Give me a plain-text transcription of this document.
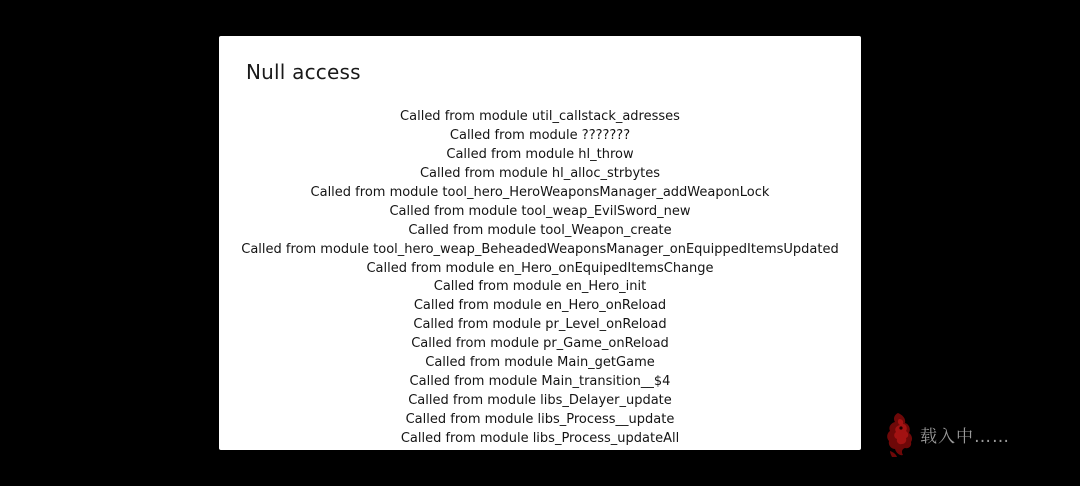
Null access
Called from module util_callstack_adresses
Called from module ???????
Called from module hl_throw
Called from module hl_alloc_strbytes
Called from module tool_hero_HeroWeaponsManager_addWeaponLock
Called from module tool_weap_EvilSword_new
Called from module tool_Weapon_create
Called from module tool_hero_weap_BeheadedWeaponsManager_onEquippedItemsUpdated
Called from module en_Hero_onEquipedItemsChange
Called from module en_Hero_init
Called from module en_Hero_onReload
Called from module pr_Level_onReload
Called from module pr_Game_onReload
Called from module Main_getGame
Called from module Main_transition__$4
Called from module libs_Delayer_update
Called from module libs_Process__update
Called from module libs_Process_updateAll	载入中……
